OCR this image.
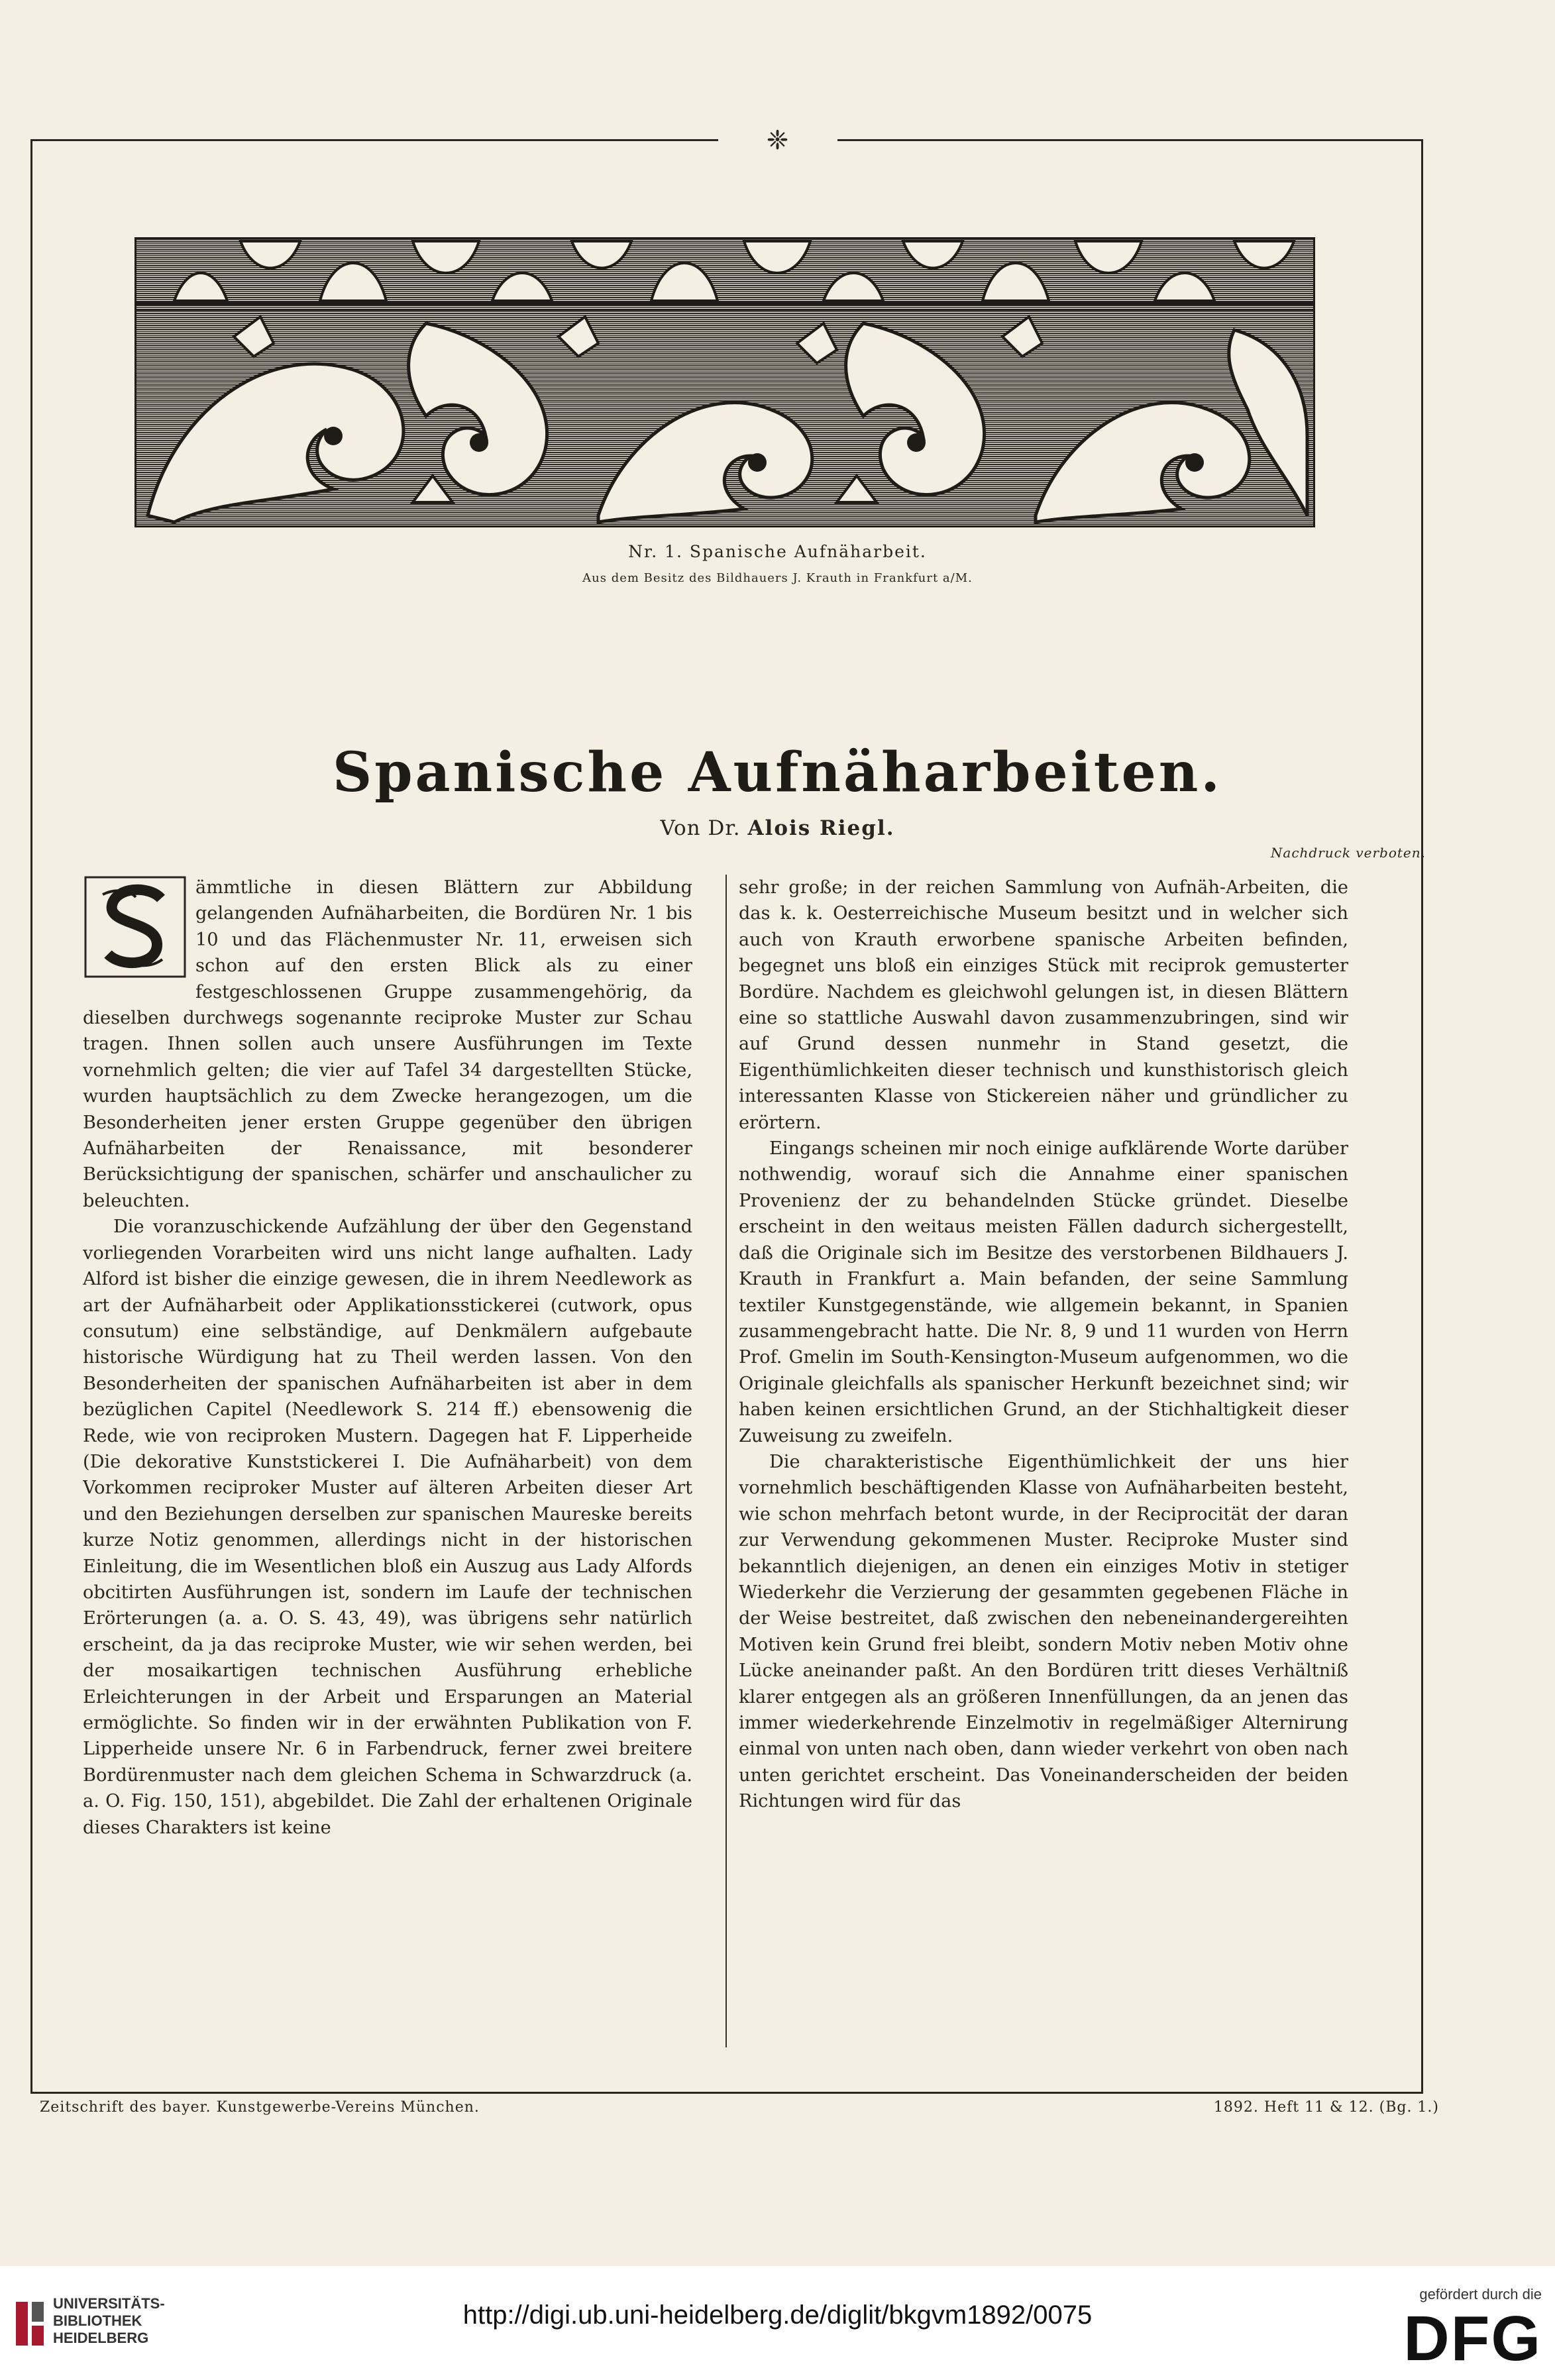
❈
Nr. 1. Spanische Aufnäharbeit.
Aus dem Besitz des Bildhauers J. Krauth in Frankfurt a/M.
Spanische Aufnäharbeiten.
Von Dr. Alois Riegl.
Nachdruck verboten.

ämmtliche in diesen Blättern zur Abbildung gelangenden Aufnäharbeiten, die Bordüren Nr. 1 bis 10 und das Flächenmuster Nr. 11, erweisen sich schon auf den ersten Blick als zu einer festgeschlossenen Gruppe zusammengehörig, da dieselben durchwegs sogenannte reciproke Muster zur Schau tragen. Ihnen sollen auch unsere Ausführungen im Texte vornehmlich gelten; die vier auf Tafel 34 dargestellten Stücke, wurden hauptsächlich zu dem Zwecke herangezogen, um die Besonderheiten jener ersten Gruppe gegenüber den übrigen Aufnäharbeiten der Renaissance, mit besonderer Berücksichtigung der spanischen, schärfer und anschaulicher zu beleuchten.

Die voranzuschickende Aufzählung der über den Gegenstand vorliegenden Vorarbeiten wird uns nicht lange aufhalten. Lady Alford ist bisher die einzige gewesen, die in ihrem Needlework as art der Aufnäharbeit oder Applikationsstickerei (cutwork, opus consutum) eine selbständige, auf Denkmälern aufgebaute historische Würdigung hat zu Theil werden lassen. Von den Besonderheiten der spanischen Aufnäharbeiten ist aber in dem bezüglichen Capitel (Needlework S. 214 ff.) ebensowenig die Rede, wie von reciproken Mustern. Dagegen hat F. Lipperheide (Die dekorative Kunststickerei I. Die Aufnäharbeit) von dem Vorkommen reciproker Muster auf älteren Arbeiten dieser Art und den Beziehungen derselben zur spanischen Maureske bereits kurze Notiz genommen, allerdings nicht in der historischen Einleitung, die im Wesentlichen bloß ein Auszug aus Lady Alfords obcitirten Ausführungen ist, sondern im Laufe der technischen Erörterungen (a. a. O. S. 43, 49), was übrigens sehr natürlich erscheint, da ja das reciproke Muster, wie wir sehen werden, bei der mosaikartigen technischen Ausführung erhebliche Erleichterungen in der Arbeit und Ersparungen an Material ermöglichte. So finden wir in der erwähnten Publikation von F. Lipperheide unsere Nr. 6 in Farbendruck, ferner zwei breitere Bordürenmuster nach dem gleichen Schema in Schwarzdruck (a. a. O. Fig. 150, 151), abgebildet. Die Zahl der erhaltenen Originale dieses Charakters ist keine

sehr große; in der reichen Sammlung von Aufnäh-Arbeiten, die das k. k. Oesterreichische Museum besitzt und in welcher sich auch von Krauth erworbene spanische Arbeiten befinden, begegnet uns bloß ein einziges Stück mit reciprok gemusterter Bordüre. Nachdem es gleichwohl gelungen ist, in diesen Blättern eine so stattliche Auswahl davon zusammenzubringen, sind wir auf Grund dessen nunmehr in Stand gesetzt, die Eigenthümlichkeiten dieser technisch und kunsthistorisch gleich interessanten Klasse von Stickereien näher und gründlicher zu erörtern.

Eingangs scheinen mir noch einige aufklärende Worte darüber nothwendig, worauf sich die Annahme einer spanischen Provenienz der zu behandelnden Stücke gründet. Dieselbe erscheint in den weitaus meisten Fällen dadurch sichergestellt, daß die Originale sich im Besitze des verstorbenen Bildhauers J. Krauth in Frankfurt a. Main befanden, der seine Sammlung textiler Kunstgegenstände, wie allgemein bekannt, in Spanien zusammengebracht hatte. Die Nr. 8, 9 und 11 wurden von Herrn Prof. Gmelin im South-Kensington-Museum aufgenommen, wo die Originale gleichfalls als spanischer Herkunft bezeichnet sind; wir haben keinen ersichtlichen Grund, an der Stichhaltigkeit dieser Zuweisung zu zweifeln.

Die charakteristische Eigenthümlichkeit der uns hier vornehmlich beschäftigenden Klasse von Aufnäharbeiten besteht, wie schon mehrfach betont wurde, in der Reciprocität der daran zur Verwendung gekommenen Muster. Reciproke Muster sind bekanntlich diejenigen, an denen ein einziges Motiv in stetiger Wiederkehr die Verzierung der gesammten gegebenen Fläche in der Weise bestreitet, daß zwischen den nebeneinandergereihten Motiven kein Grund frei bleibt, sondern Motiv neben Motiv ohne Lücke aneinander paßt. An den Bordüren tritt dieses Verhältniß klarer entgegen als an größeren Innenfüllungen, da an jenen das immer wiederkehrende Einzelmotiv in regelmäßiger Alternirung einmal von unten nach oben, dann wieder verkehrt von oben nach unten gerichtet erscheint. Das Voneinanderscheiden der beiden Richtungen wird für das

Zeitschrift des bayer. Kunstgewerbe-Vereins München.	1892. Heft 11 & 12. (Bg. 1.)
UNIVERSITÄTS-
BIBLIOTHEK
HEIDELBERG
http://digi.ub.uni-heidelberg.de/diglit/bkgvm1892/0075
gefördert durch die
DFG
